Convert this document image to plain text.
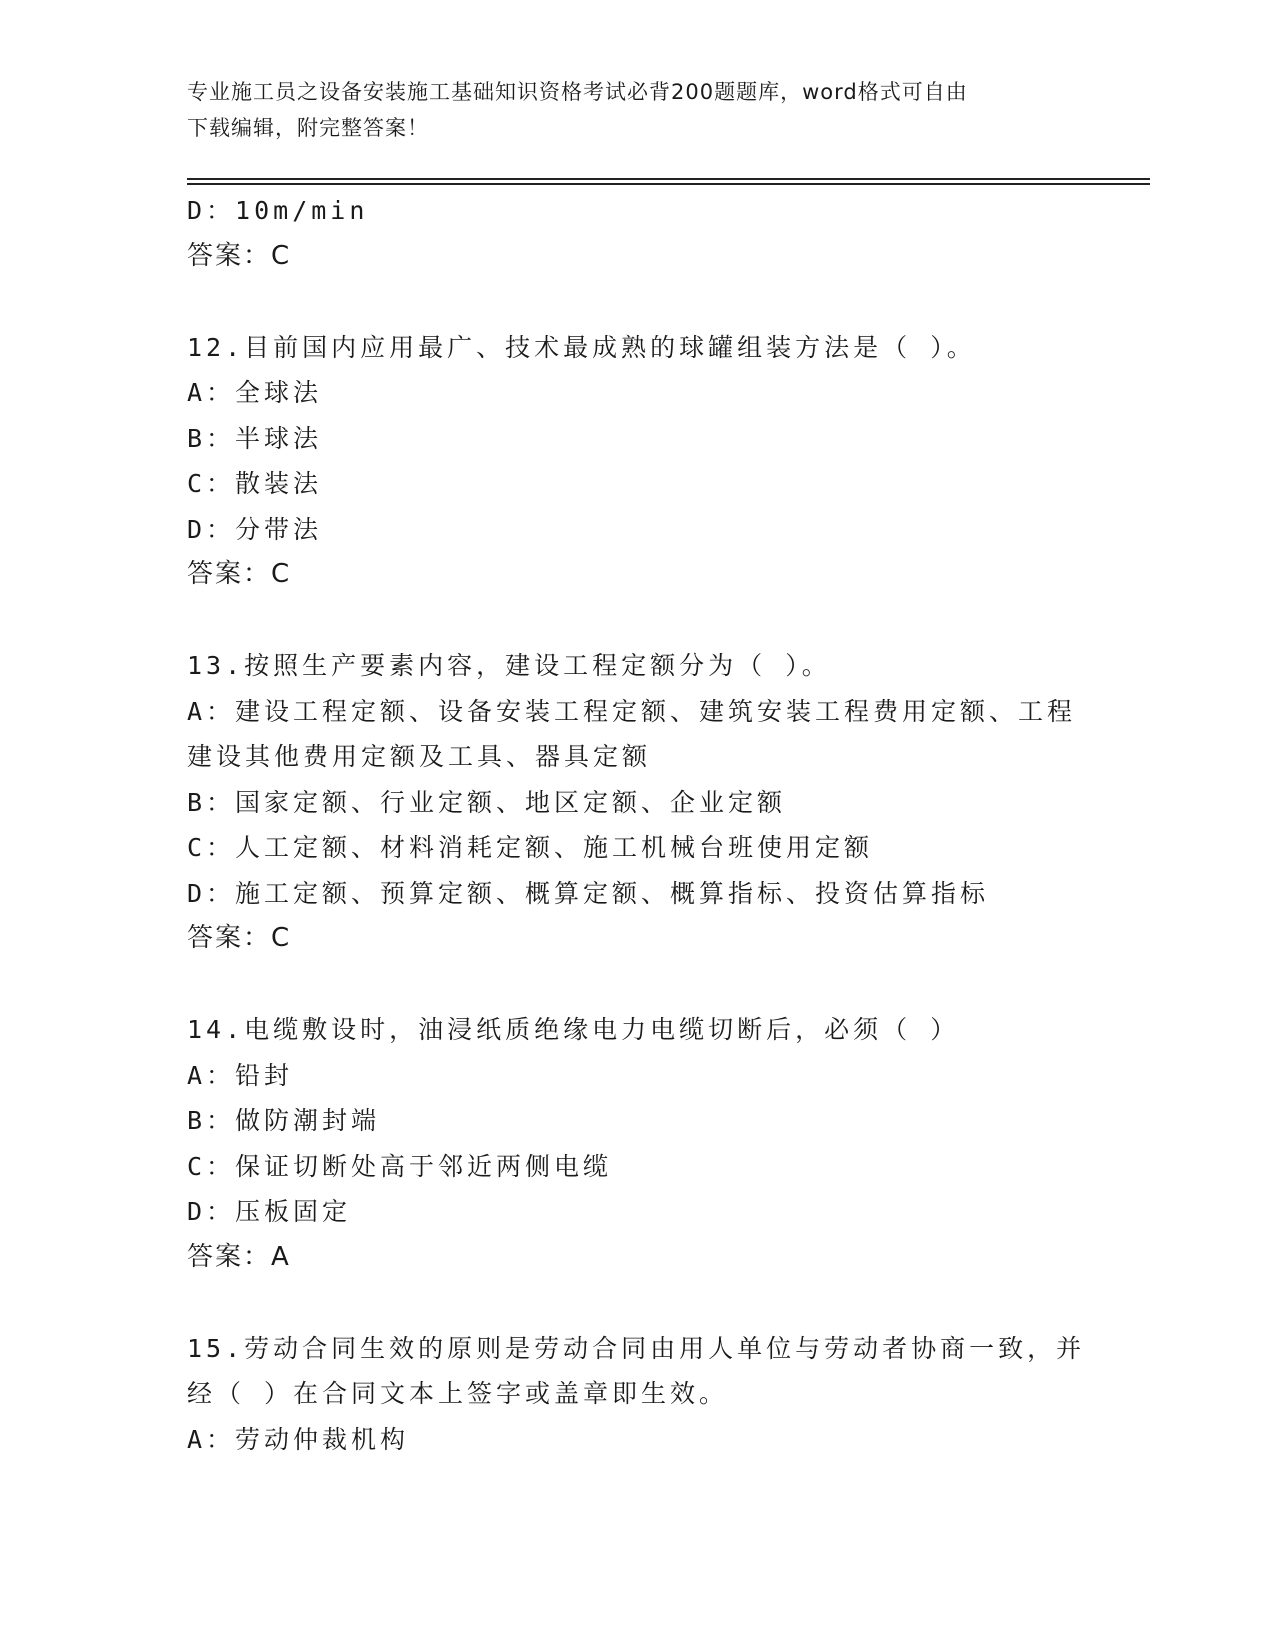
专业施工员之设备安装施工基础知识资格考试必背200题题库，word格式可自由
下载编辑，附完整答案！
D：10m/min
答案：C
12.目前国内应用最广、技术最成熟的球罐组装方法是（ ）。
A：全球法
B：半球法
C：散装法
D：分带法
答案：C
13.按照生产要素内容，建设工程定额分为（ ）。
A：建设工程定额、设备安装工程定额、建筑安装工程费用定额、工程
建设其他费用定额及工具、器具定额
B：国家定额、行业定额、地区定额、企业定额
C：人工定额、材料消耗定额、施工机械台班使用定额
D：施工定额、预算定额、概算定额、概算指标、投资估算指标
答案：C
14.电缆敷设时，油浸纸质绝缘电力电缆切断后，必须（ ）
A：铅封
B：做防潮封端
C：保证切断处高于邻近两侧电缆
D：压板固定
答案：A
15.劳动合同生效的原则是劳动合同由用人单位与劳动者协商一致，并
经（ ）在合同文本上签字或盖章即生效。
A：劳动仲裁机构
